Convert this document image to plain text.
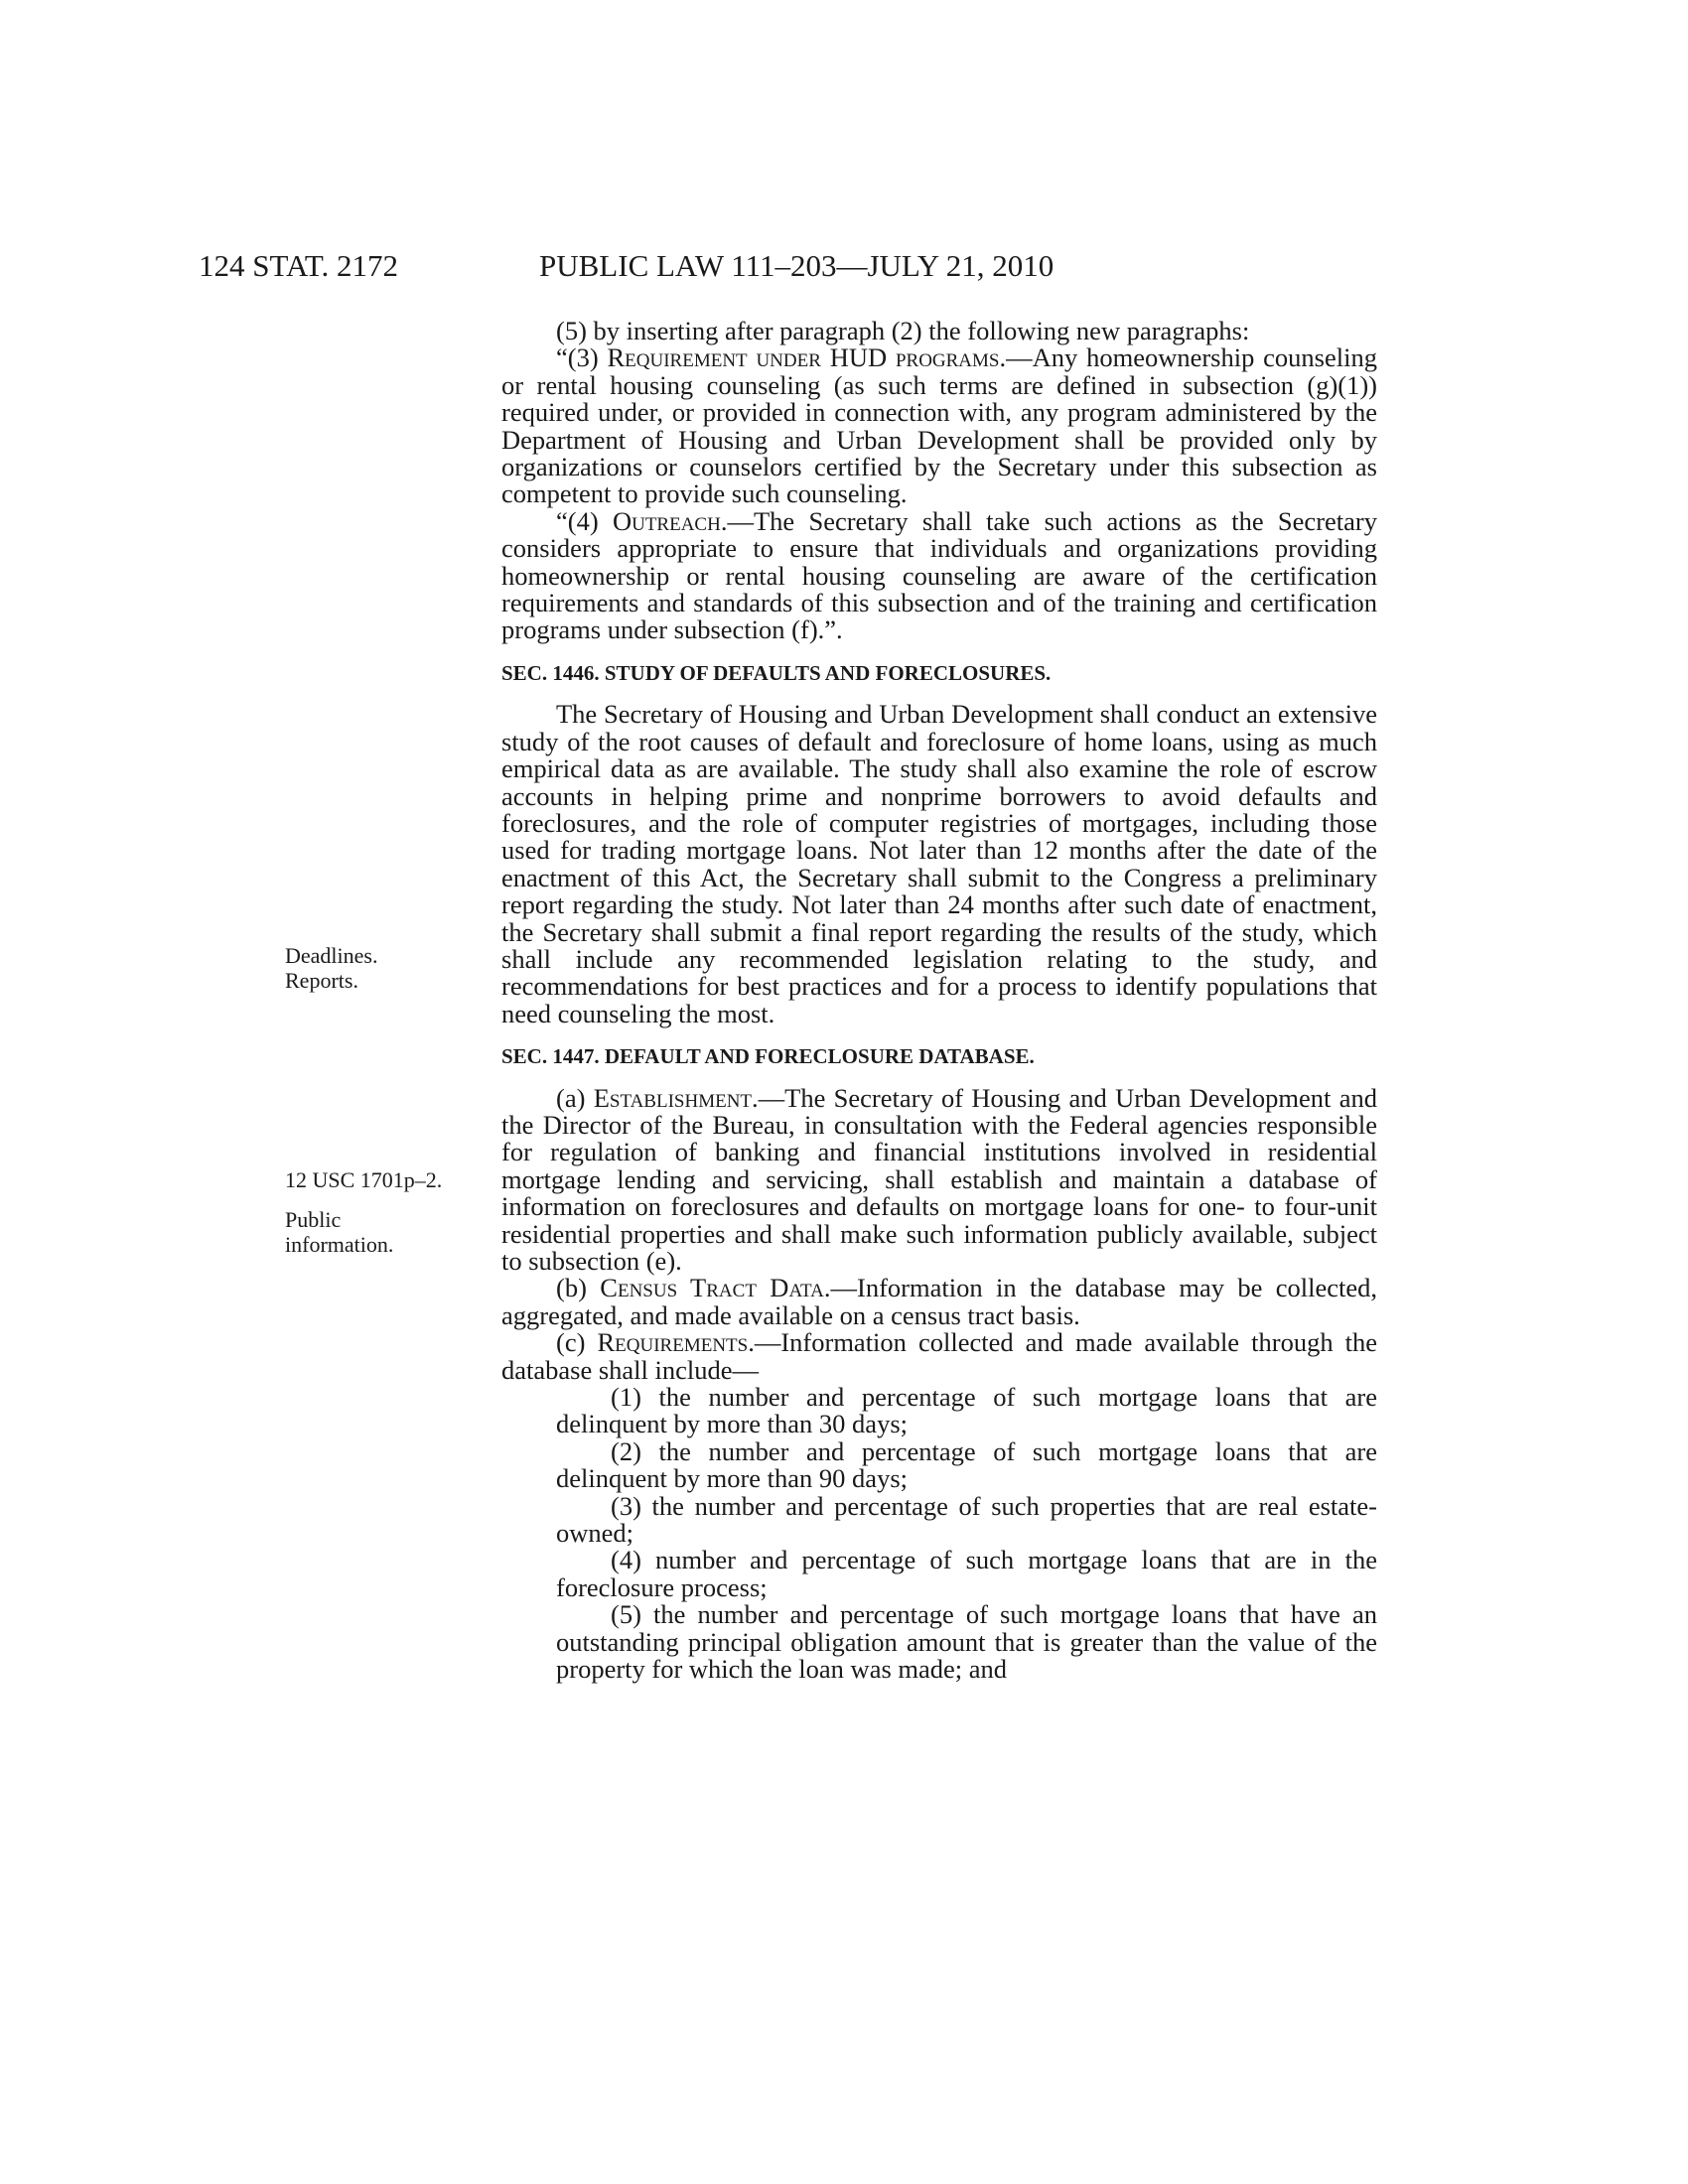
124 STAT. 2172	PUBLIC LAW 111–203—JULY 21, 2010
Deadlines.
Reports.
12 USC 1701p–2.
Public
information.

(5) by inserting after paragraph (2) the following new paragraphs:

“(3) Requirement under HUD programs.—Any homeownership counseling or rental housing counseling (as such terms are defined in subsection (g)(1)) required under, or provided in connection with, any program administered by the Department of Housing and Urban Development shall be provided only by organizations or counselors certified by the Secretary under this subsection as competent to provide such counseling.

“(4) Outreach.—The Secretary shall take such actions as the Secretary considers appropriate to ensure that individuals and organizations providing homeownership or rental housing counseling are aware of the certification requirements and standards of this subsection and of the training and certification programs under subsection (f).”.

SEC. 1446. STUDY OF DEFAULTS AND FORECLOSURES.

The Secretary of Housing and Urban Development shall conduct an extensive study of the root causes of default and foreclosure of home loans, using as much empirical data as are available. The study shall also examine the role of escrow accounts in helping prime and nonprime borrowers to avoid defaults and foreclosures, and the role of computer registries of mortgages, including those used for trading mortgage loans. Not later than 12 months after the date of the enactment of this Act, the Secretary shall submit to the Congress a preliminary report regarding the study. Not later than 24 months after such date of enactment, the Secretary shall submit a final report regarding the results of the study, which shall include any recommended legislation relating to the study, and recommendations for best practices and for a process to identify populations that need counseling the most.

SEC. 1447. DEFAULT AND FORECLOSURE DATABASE.

(a) Establishment.—The Secretary of Housing and Urban Development and the Director of the Bureau, in consultation with the Federal agencies responsible for regulation of banking and financial institutions involved in residential mortgage lending and servicing, shall establish and maintain a database of information on foreclosures and defaults on mortgage loans for one- to four-unit residential properties and shall make such information publicly available, subject to subsection (e).

(b) Census Tract Data.—Information in the database may be collected, aggregated, and made available on a census tract basis.

(c) Requirements.—Information collected and made available through the database shall include—

(1) the number and percentage of such mortgage loans that are delinquent by more than 30 days;

(2) the number and percentage of such mortgage loans that are delinquent by more than 90 days;

(3) the number and percentage of such properties that are real estate-owned;

(4) number and percentage of such mortgage loans that are in the foreclosure process;

(5) the number and percentage of such mortgage loans that have an outstanding principal obligation amount that is greater than the value of the property for which the loan was made; and
